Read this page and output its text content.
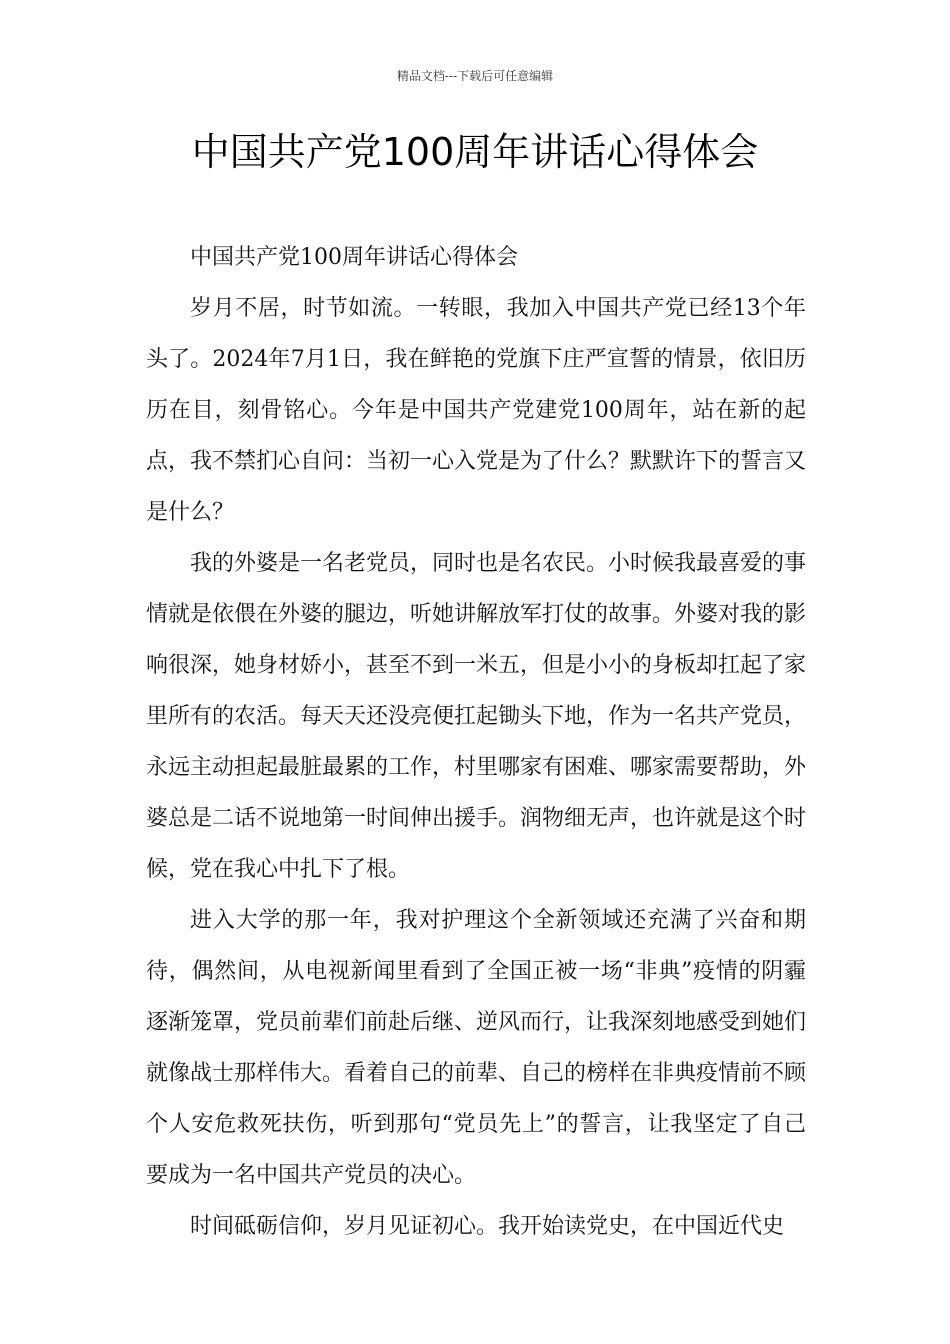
精品文档---下载后可任意编辑
中国共产党100周年讲话心得体会

中国共产党100周年讲话心得体会

岁月不居，时节如流。一转眼，我加入中国共产党已经13个年头了。2024年7月1日，我在鲜艳的党旗下庄严宣誓的情景，依旧历历在目，刻骨铭心。今年是中国共产党建党100周年，站在新的起点，我不禁扪心自问：当初一心入党是为了什么？默默许下的誓言又是什么？

我的外婆是一名老党员，同时也是名农民。小时候我最喜爱的事情就是依偎在外婆的腿边，听她讲解放军打仗的故事。外婆对我的影响很深，她身材娇小，甚至不到一米五，但是小小的身板却扛起了家里所有的农活。每天天还没亮便扛起锄头下地，作为一名共产党员，永远主动担起最脏最累的工作，村里哪家有困难、哪家需要帮助，外婆总是二话不说地第一时间伸出援手。润物细无声，也许就是这个时候，党在我心中扎下了根。

进入大学的那一年，我对护理这个全新领域还充满了兴奋和期待，偶然间，从电视新闻里看到了全国正被一场“非典”疫情的阴霾逐渐笼罩，党员前辈们前赴后继、逆风而行，让我深刻地感受到她们就像战士那样伟大。看着自己的前辈、自己的榜样在非典疫情前不顾个人安危救死扶伤，听到那句“党员先上”的誓言，让我坚定了自己要成为一名中国共产党员的决心。

时间砥砺信仰，岁月见证初心。我开始读党史，在中国近代史
